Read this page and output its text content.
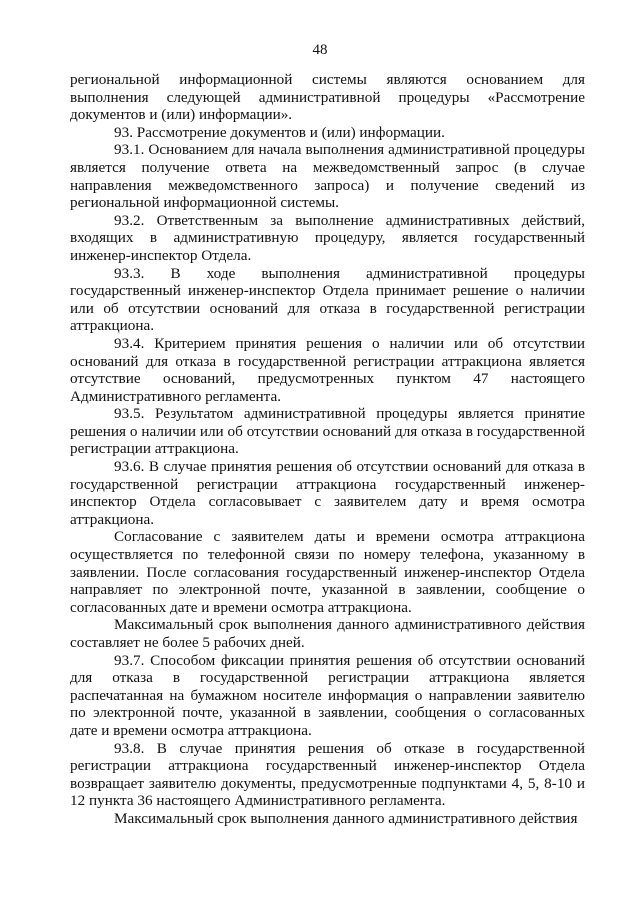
48

региональной информационной системы являются основанием для выполнения следующей административной процедуры «Рассмотрение документов и (или) информации».

93. Рассмотрение документов и (или) информации.

93.1. Основанием для начала выполнения административной процедуры является получение ответа на межведомственный запрос (в случае направления межведомственного запроса) и получение сведений из региональной информационной системы.

93.2. Ответственным за выполнение административных действий, входящих в административную процедуру, является государственный инженер-инспектор Отдела.

93.3. В ходе выполнения административной процедуры государственный инженер-инспектор Отдела принимает решение о наличии или об отсутствии оснований для отказа в государственной регистрации аттракциона.

93.4. Критерием принятия решения о наличии или об отсутствии оснований для отказа в государственной регистрации аттракциона является отсутствие оснований, предусмотренных пунктом 47 настоящего Административного регламента.

93.5. Результатом административной процедуры является принятие решения о наличии или об отсутствии оснований для отказа в государственной регистрации аттракциона.

93.6. В случае принятия решения об отсутствии оснований для отказа в государственной регистрации аттракциона государственный инженер-инспектор Отдела согласовывает с заявителем дату и время осмотра аттракциона.

Согласование с заявителем даты и времени осмотра аттракциона осуществляется по телефонной связи по номеру телефона, указанному в заявлении. После согласования государственный инженер-инспектор Отдела направляет по электронной почте, указанной в заявлении, сообщение о согласованных дате и времени осмотра аттракциона.

Максимальный срок выполнения данного административного действия составляет не более 5 рабочих дней.

93.7. Способом фиксации принятия решения об отсутствии оснований для отказа в государственной регистрации аттракциона является распечатанная на бумажном носителе информация о направлении заявителю по электронной почте, указанной в заявлении, сообщения о согласованных дате и времени осмотра аттракциона.

93.8. В случае принятия решения об отказе в государственной регистрации аттракциона государственный инженер-инспектор Отдела возвращает заявителю документы, предусмотренные подпунктами 4, 5, 8-10 и 12 пункта 36 настоящего Административного регламента.

Максимальный срок выполнения данного административного действия
